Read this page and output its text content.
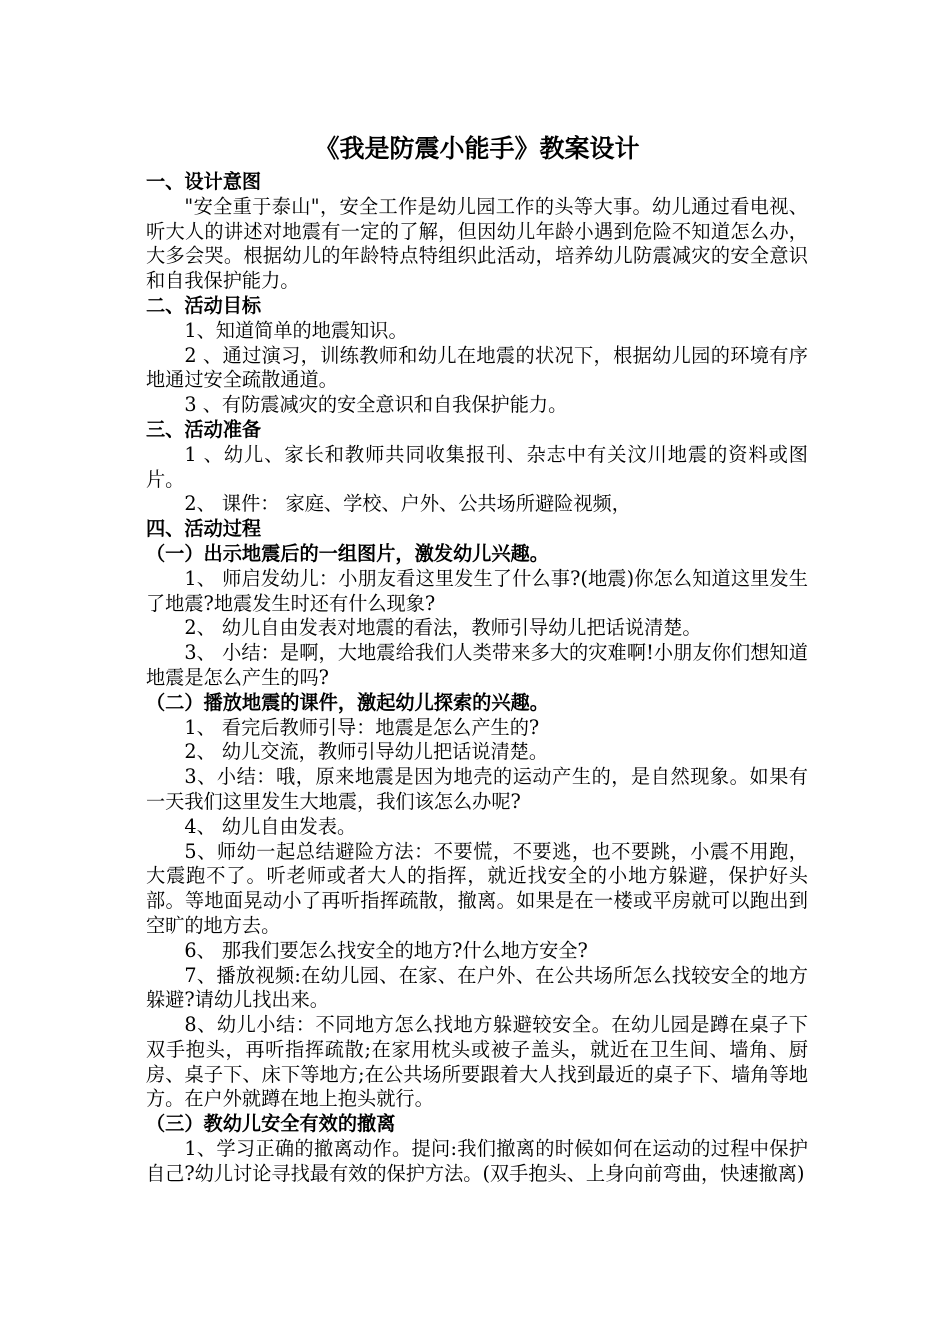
《我是防震小能手》教案设计
一、设计意图
"安全重于泰山"，安全工作是幼儿园工作的头等大事。幼儿通过看电视、听大人的讲述对地震有一定的了解，但因幼儿年龄小遇到危险不知道怎么办，大多会哭。根据幼儿的年龄特点特组织此活动，培养幼儿防震减灾的安全意识和自我保护能力。
二、活动目标
1、知道简单的地震知识。
2 、通过演习，训练教师和幼儿在地震的状况下，根据幼儿园的环境有序地通过安全疏散通道。
3 、有防震减灾的安全意识和自我保护能力。
三、活动准备
1 、幼儿、家长和教师共同收集报刊、杂志中有关汶川地震的资料或图片。
2、 课件： 家庭、学校、户外、公共场所避险视频，
四、活动过程
（一）出示地震后的一组图片，激发幼儿兴趣。
1、 师启发幼儿：小朋友看这里发生了什么事?(地震)你怎么知道这里发生了地震?地震发生时还有什么现象?
2、 幼儿自由发表对地震的看法，教师引导幼儿把话说清楚。
3、 小结：是啊，大地震给我们人类带来多大的灾难啊!小朋友你们想知道地震是怎么产生的吗?
（二）播放地震的课件，激起幼儿探索的兴趣。
1、 看完后教师引导：地震是怎么产生的?
2、 幼儿交流，教师引导幼儿把话说清楚。
3、小结：哦，原来地震是因为地壳的运动产生的，是自然现象。如果有一天我们这里发生大地震，我们该怎么办呢?
4、 幼儿自由发表。
5、师幼一起总结避险方法：不要慌，不要逃，也不要跳，小震不用跑，大震跑不了。听老师或者大人的指挥，就近找安全的小地方躲避，保护好头部。等地面晃动小了再听指挥疏散，撤离。如果是在一楼或平房就可以跑出到空旷的地方去。
6、 那我们要怎么找安全的地方?什么地方安全?
7、播放视频:在幼儿园、在家、在户外、在公共场所怎么找较安全的地方躲避?请幼儿找出来。
8、幼儿小结：不同地方怎么找地方躲避较安全。在幼儿园是蹲在桌子下双手抱头，再听指挥疏散;在家用枕头或被子盖头，就近在卫生间、墙角、厨房、桌子下、床下等地方;在公共场所要跟着大人找到最近的桌子下、墙角等地方。在户外就蹲在地上抱头就行。
（三）教幼儿安全有效的撤离
1、学习正确的撤离动作。提问:我们撤离的时候如何在运动的过程中保护自己?幼儿讨论寻找最有效的保护方法。(双手抱头、上身向前弯曲，快速撤离)
